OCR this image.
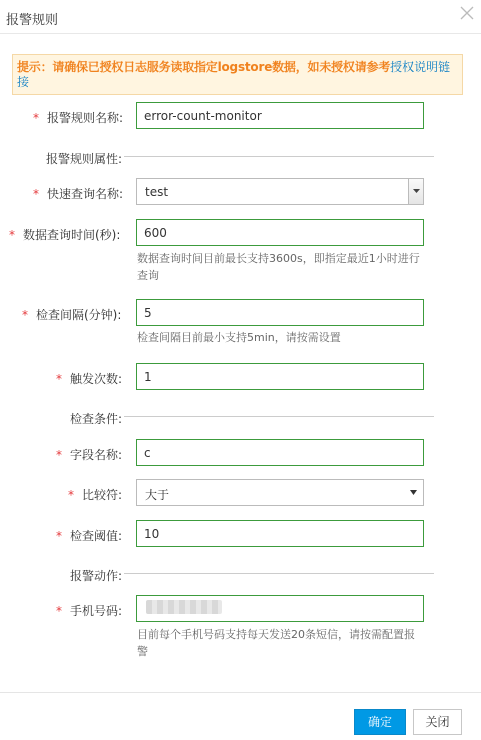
报警规则
提示：请确保已授权日志服务读取指定logstore数据，如未授权请参考授权说明链接
* 报警规则名称:
error-count-monitor
报警规则属性:
* 快速查询名称: test
* 数据查询时间(秒):
600
数据查询时间目前最长支持3600s，即指定最近1小时进行查询
* 检查间隔(分钟):
5
检查间隔目前最小支持5min，请按需设置
* 触发次数:
1
检查条件:
* 字段名称:
c
* 比较符: 大于
* 检查阈值:
10
报警动作:
* 手机号码:
目前每个手机号码支持每天发送20条短信，请按需配置报警
确定	关闭
